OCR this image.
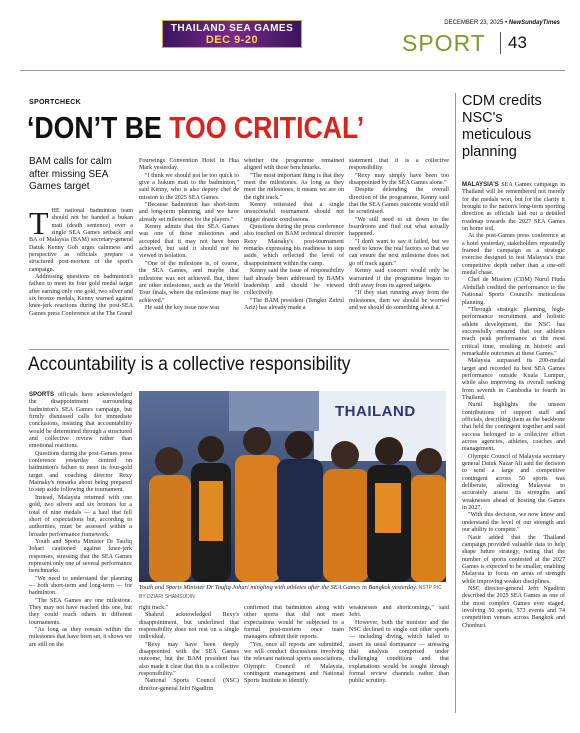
DECEMBER 23, 2025 • NewSundayTimes
SPORT 43
THAILAND SEA GAMES
DEC 9-20
SPORTCHECK
‘DON’T BE TOO CRITICAL’
BAM calls for calm after missing SEA Games target
T HE national badminton team should not be handed a bukan mati (death sentence) over a single SEA Games setback and BA of Malaysia (BAM) secretary-general Datuk Kenny Goh urges calmness and perspective as officials prepare a structured post-mortem of the sport's campaign.

Addressing questions on badminton's failure to meet its four gold medal target after earning only one gold, two silver and six bronze medals, Kenny warned against knee-jerk reactions during the post-SEA Games press Conference at the The Grand

Fourwings Convention Hotel in Hua Mark yesterday.

"I think we should not be too quick to give a hukum mati to the badminton," said Kenny, who is also deputy chef de mission to the 2025 SEA Games.

"Because badminton has short-term and long-term planning, and we have already set milestones for the players."

Kenny admits that the SEA Games was one of those milestones and accepted that it may not have been achieved, but said it should not be viewed in isolation.

"One of the milestone is, of course, the SEA Games, and maybe that milestone was not achieved. But, there are other milestones, such as the World Tour finals, where the milestone may be achieved."

He said the key issue now was

whether the programme remained aligned with those benchmarks.

"The most important thing is that they meet the milestones. As long as they meet the milestones, it means we are on the right track."

Kenny reiterated that a single unsuccessful tournament should not trigger drastic conclusions.

Questions during the press conference also touched on BAM technical director Rexy Mainaky's post-tournament remarks expressing his readiness to step aside, which reflected the level of disappointment within the camp.

Kenny said the issue of responsibility had already been addressed by BAM's leadership and should be viewed collectively.

"The BAM president (Tengku Zafrul Aziz) has already made a

statement that it is a collective responsibility.

"Rexy may simply have been too disappointed by the SEA Games alone."

Despite defending the overall direction of the programme, Kenny said that the SEA Games outcome would still be scrutinised.

"We still need to sit down in the boardroom and find out what actually happened.

"I don't want to say it failed, but we need to know the real factors so that we can ensure the next milestone does not go off track again."

Kenny said concern would only be warranted if the programme began to drift away from its agreed targets.

"If they start running away from the milestones, then we should be worried and we should do something about it."

Accountability is a collective responsibility

SPORTS officials have acknowledged the disappointment surrounding badminton's SEA Games campaign, but firmly dismissed calls for immediate conclusions, insisting that accountability would be determined through a structured and collective review rather than emotional reactions.

Questions during the post-Games press conference yesterday centred on badminton's failure to meet its four-gold target and coaching director Rexy Mainaky's remarks about being prepared to step aside following the tournament.

Instead, Malaysia returned with one gold, two silvers and six bronzes for a total of nine medals — a haul that fell short of expectations but, according to authorities, must be assessed within a broader performance framework.

Youth and Sports Minister Dr Taufiq Johari cautioned against knee-jerk responses, stressing that the SEA Games represent only one of several performance benchmarks.

"We need to understand the planning — both short-term and long-term — for badminton.

"The SEA Games are one milestone. They may not have reached this one, but they could reach others in different tournaments.

"As long as they remain within the milestones that have been set, it shows we are still on the

THAILAND
Youth and Sports Minister Dr Taufiq Johari mingling with athletes after the SEA Games in Bangkok yesterday. NSTP PIC BY DZIARI SHAMSUDIN

right track."

Shahrul acknowledged Rexy's disappointment, but underlined that responsibility does not rest on a single individual.

"Rexy may have been deeply disappointed with the SEA Games outcome, but the BAM president has also made it clear that this is a collective responsibility."

National Sports Council (NSC) director-general Jefri Ngadirin

confirmed that badminton along with other sports that did not meet expectations would be subjected to a formal post-mortem once team managers submit their reports.

"Yes, once all reports are submitted, we will conduct discussions involving the relevant national sports associations, Olympic Council of Malaysia, contingent management and National Sports Institute to identify

weaknesses and shortcomings," said Jefri.

However, both the minister and the NSC declined to single out other sports — including diving, which failed to assert its usual dominance — stressing that analysis comprised under challenging conditions and that explanations would be sought through formal review channels rather than public scrutiny.

CDM credits NSC's meticulous planning

MALAYSIA'S SEA Games campaign in Thailand will be remembered not merely for the medals won, but for the clarity it brought to the nation's long-term sporting direction as officials laid out a detailed roadmap towards the 2027 SEA Games on home soil.

At the post-Games press conference at a hotel yesterday, stakeholders repeatedly framed the campaign as a strategic exercise designed to test Malaysia's true competitive depth rather than a one-off medal chase.

Chef de Mission (CDM) Nurul Huda Abdullah credited the performance to the National Sports Council's meticulous planning.

"Through strategic planning, high-performance recruitment and holistic athlete development, the NSC has successfully ensured that our athletes reach peak performance at the most critical time, resulting in historic and remarkable outcomes at these Games."

Malaysia surpassed its 200-medal target and recorded its best SEA Games performance outside Kuala Lumpur, while also improving its overall ranking from seventh in Cambodia to fourth in Thailand.

Nurul highlights the unseen contributions of support staff and officials, describing them as the backbone that held the contingent together and said success belonged to a collective effort across agencies, athletes, coaches and management.

Olympic Council of Malaysia secretary general Datuk Nazar Ali said the decision to send a large and competitive contingent across 50 sports was deliberate, allowing Malaysia to accurately assess its strengths and weaknesses ahead of hosting the Games in 2027.

"With this decision, we now know and understand the level of our strength and our ability to compete."

Nasir added that the Thailand campaign provided valuable data to help shape future strategy, noting that the number of sports contested at the 2027 Games is expected to be smaller, enabling Malaysia to focus on areas of strength while improving weaker disciplines.

NSC director-general Jefri Ngadirin described the 2025 SEA Games as one of the most complex Games ever staged, involving 50 sports, 573 events and 74 competition venues across Bangkok and Chonburi.
